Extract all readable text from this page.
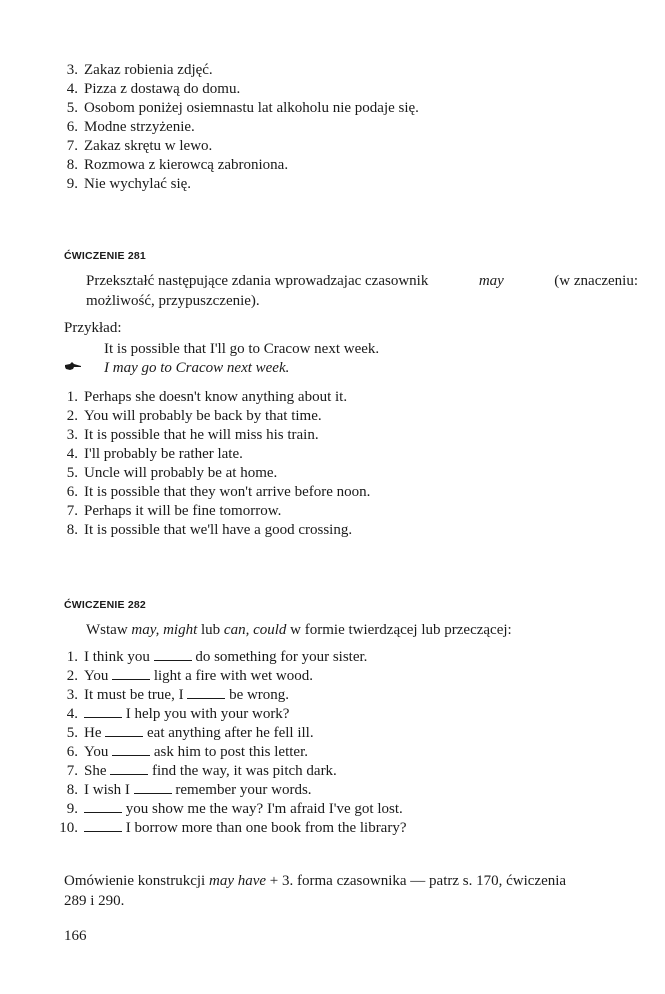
3. Zakaz robienia zdjęć.
4. Pizza z dostawą do domu.
5. Osobom poniżej osiemnastu lat alkoholu nie podaje się.
6. Modne strzyżenie.
7. Zakaz skrętu w lewo.
8. Rozmowa z kierowcą zabroniona.
9. Nie wychylać się.
ĆWICZENIE 281
Przekształć następujące zdania wprowadzajac czasownik	may	(w znaczeniu:
możliwość, przypuszczenie).
Przykład:
It is possible that I'll go to Cracow next week.
I may go to Cracow next week.
1. Perhaps she doesn't know anything about it.
2. You will probably be back by that time.
3. It is possible that he will miss his train.
4. I'll probably be rather late.
5. Uncle will probably be at home.
6. It is possible that they won't arrive before noon.
7. Perhaps it will be fine tomorrow.
8. It is possible that we'll have a good crossing.
ĆWICZENIE 282
Wstaw may, might lub can, could w formie twierdzącej lub przeczącej:
1. I think you	do something for your sister.
2. You	light a fire with wet wood.
3. It must be true, I	be wrong.
4.	I help you with your work?
5. He	eat anything after he fell ill.
6. You	ask him to post this letter.
7. She	find the way, it was pitch dark.
8. I wish I	remember your words.
9.	you show me the way? I'm afraid I've got lost.
10.	I borrow more than one book from the library?
Omówienie konstrukcji may have + 3. forma czasownika — patrz s. 170, ćwiczenia
289 i 290.
166
